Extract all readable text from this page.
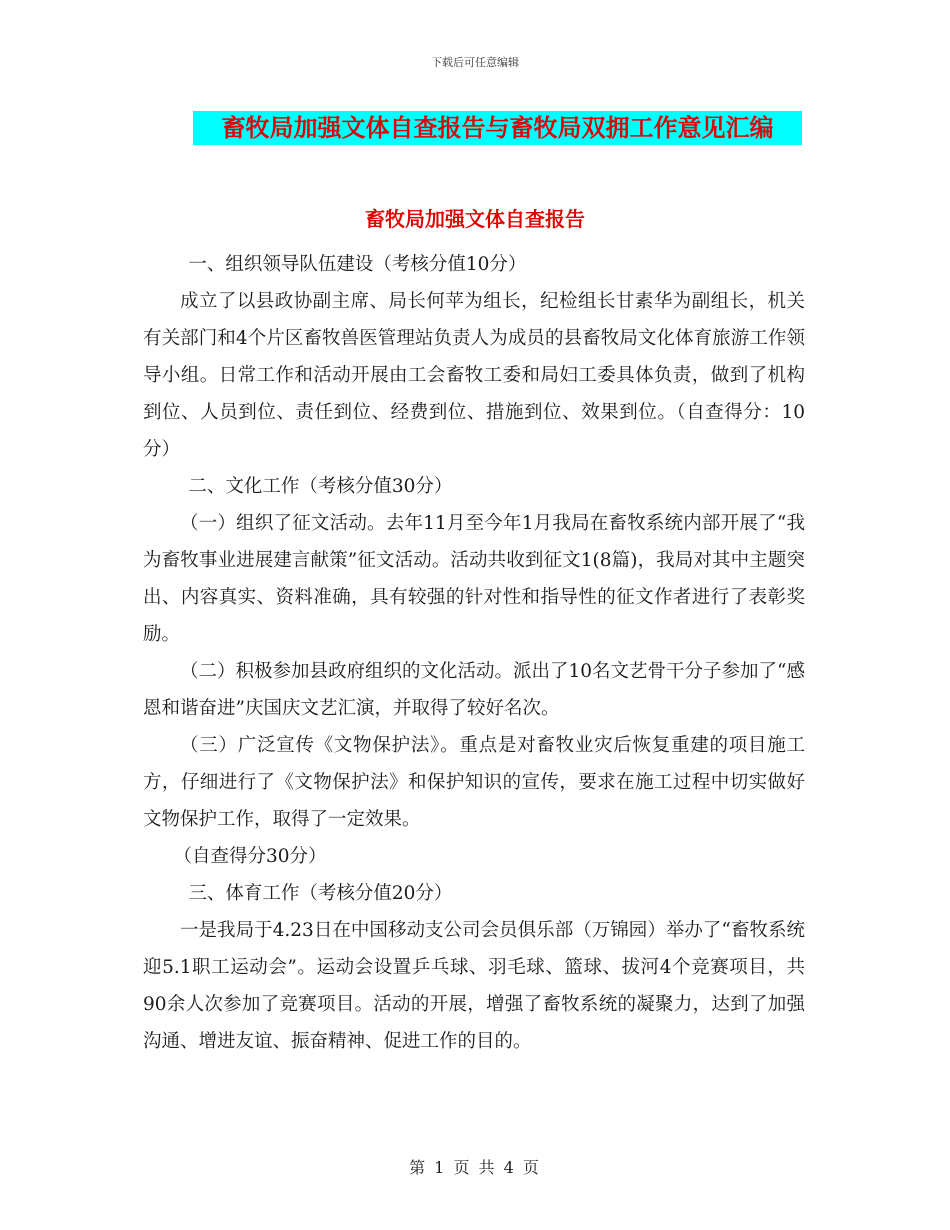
下载后可任意编辑
畜牧局加强文体自查报告与畜牧局双拥工作意见汇编
畜牧局加强文体自查报告

一、组织领导队伍建设（考核分值10分）

成立了以县政协副主席、局长何苹为组长，纪检组长甘素华为副组长，机关有关部门和4个片区畜牧兽医管理站负责人为成员的县畜牧局文化体育旅游工作领导小组。日常工作和活动开展由工会畜牧工委和局妇工委具体负责，做到了机构到位、人员到位、责任到位、经费到位、措施到位、效果到位。（自查得分：10分）

二、文化工作（考核分值30分）

（一）组织了征文活动。去年11月至今年1月我局在畜牧系统内部开展了“我为畜牧事业进展建言献策”征文活动。活动共收到征文1(8篇)，我局对其中主题突出、内容真实、资料准确，具有较强的针对性和指导性的征文作者进行了表彰奖励。

（二）积极参加县政府组织的文化活动。派出了10名文艺骨干分子参加了“感恩和谐奋进”庆国庆文艺汇演，并取得了较好名次。

（三）广泛宣传《文物保护法》。重点是对畜牧业灾后恢复重建的项目施工方，仔细进行了《文物保护法》和保护知识的宣传，要求在施工过程中切实做好文物保护工作，取得了一定效果。

（自查得分30分）

三、体育工作（考核分值20分）

一是我局于4.23日在中国移动支公司会员俱乐部（万锦园）举办了“畜牧系统迎5.1职工运动会”。运动会设置乒乓球、羽毛球、篮球、拔河4个竞赛项目，共90余人次参加了竞赛项目。活动的开展，增强了畜牧系统的凝聚力，达到了加强沟通、增进友谊、振奋精神、促进工作的目的。

第 1 页 共 4 页
